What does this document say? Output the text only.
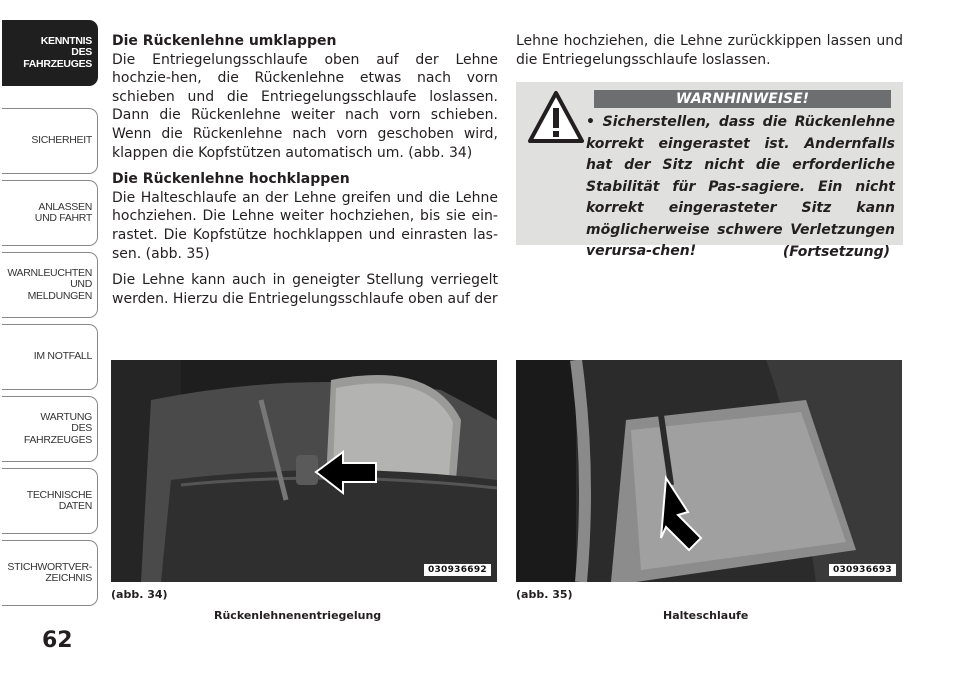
KENNTNIS
DES
FAHRZEUGES
SICHERHEIT
ANLASSEN
UND FAHRT
WARNLEUCHTEN
UND
MELDUNGEN
IM NOTFALL
WARTUNG
DES
FAHRZEUGES
TECHNISCHE
DATEN
STICHWORTVER-
ZEICHNIS
62
Die Rückenlehne umklappen

Die Entriegelungsschlaufe oben auf der Lehne hochzie-hen, die Rückenlehne etwas nach vorn schieben und die Entriegelungsschlaufe loslassen. Dann die Rückenlehne weiter nach vorn schieben. Wenn die Rückenlehne nach vorn geschoben wird, klappen die Kopfstützen automatisch um. (abb. 34)

Die Rückenlehne hochklappen

Die Halteschlaufe an der Lehne greifen und die Lehne hochziehen. Die Lehne weiter hochziehen, bis sie ein-rastet. Die Kopfstütze hochklappen und einrasten las-sen. (abb. 35)

Die Lehne kann auch in geneigter Stellung verriegelt werden. Hierzu die Entriegelungsschlaufe oben auf der

Lehne hochziehen, die Lehne zurückkippen lassen und die Entriegelungsschlaufe loslassen.

WARNHINWEISE!
• Sicherstellen, dass die Rückenlehne korrekt eingerastet ist. Andernfalls hat der Sitz nicht die erforderliche Stabilität für Pas-sagiere. Ein nicht korrekt eingerasteter Sitz kann möglicherweise schwere Verletzungen verursa-chen!	(Fortsetzung)
030936692	030936693
(abb. 34)
Rückenlehnenentriegelung
(abb. 35)
Halteschlaufe
